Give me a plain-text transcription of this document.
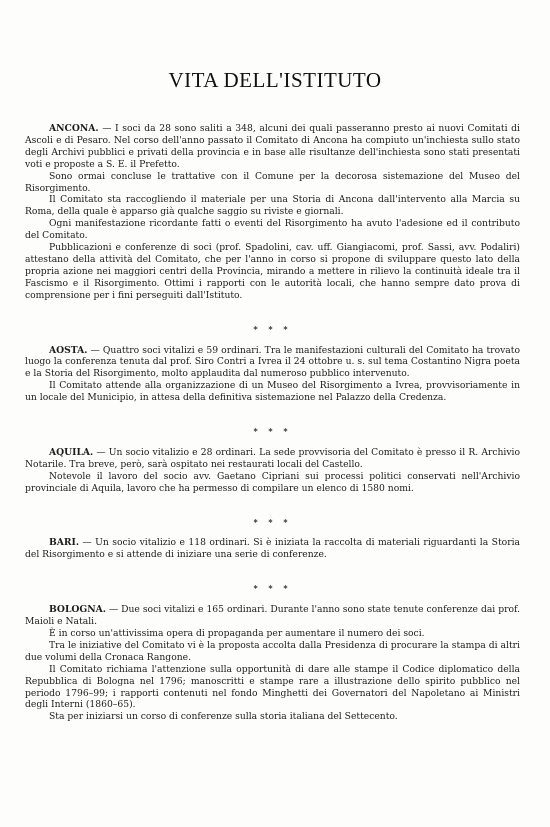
VITA DELL'ISTITUTO

ANCONA. — I soci da 28 sono saliti a 348, alcuni dei quali passeranno presto ai nuovi Comitati di Ascoli e di Pesaro. Nel corso dell'anno passato il Comitato di Ancona ha compiuto un'inchiesta sullo stato degli Archivi pubblici e privati della provincia e in base alle risultanze dell'inchiesta sono stati presentati voti e proposte a S. E. il Prefetto.

Sono ormai concluse le trattative con il Comune per la decorosa sistemazione del Museo del Risorgimento.

Il Comitato sta raccogliendo il materiale per una Storia di Ancona dall'intervento alla Marcia su Roma, della quale è apparso già qualche saggio su riviste e giornali.

Ogni manifestazione ricordante fatti o eventi del Risorgimento ha avuto l'adesione ed il contributo del Comitato.

Pubblicazioni e conferenze di soci (prof. Spadolini, cav. uff. Giangiacomi, prof. Sassi, avv. Podaliri) attestano della attività del Comitato, che per l'anno in corso si propone di sviluppare questo lato della propria azione nei maggiori centri della Provincia, mirando a mettere in rilievo la continuità ideale tra il Fascismo e il Risorgimento. Ottimi i rapporti con le autorità locali, che hanno sempre dato prova di comprensione per i fini perseguiti dall'Istituto.

* * *

AOSTA. — Quattro soci vitalizi e 59 ordinari. Tra le manifestazioni culturali del Comitato ha trovato luogo la conferenza tenuta dal prof. Siro Contri a Ivrea il 24 ottobre u. s. sul tema Costantino Nigra poeta e la Storia del Risorgimento, molto applaudita dal numeroso pubblico intervenuto.

Il Comitato attende alla organizzazione di un Museo del Risorgimento a Ivrea, provvisoriamente in un locale del Municipio, in attesa della definitiva sistemazione nel Palazzo della Credenza.

* * *

AQUILA. — Un socio vitalizio e 28 ordinari. La sede provvisoria del Comitato è presso il R. Archivio Notarile. Tra breve, però, sarà ospitato nei restaurati locali del Castello.

Notevole il lavoro del socio avv. Gaetano Cipriani sui processi politici conservati nell'Archivio provinciale di Aquila, lavoro che ha permesso di compilare un elenco di 1580 nomi.

* * *

BARI. — Un socio vitalizio e 118 ordinari. Si è iniziata la raccolta di materiali riguardanti la Storia del Risorgimento e si attende di iniziare una serie di conferenze.

* * *

BOLOGNA. — Due soci vitalizi e 165 ordinari. Durante l'anno sono state tenute conferenze dai prof. Maioli e Natali.

È in corso un'attivissima opera di propaganda per aumentare il numero dei soci.

Tra le iniziative del Comitato vi è la proposta accolta dalla Presidenza di procurare la stampa di altri due volumi della Cronaca Rangone.

Il Comitato richiama l'attenzione sulla opportunità di dare alle stampe il Codice diplomatico della Repubblica di Bologna nel 1796; manoscritti e stampe rare a illustrazione dello spirito pubblico nel periodo 1796–99; i rapporti contenuti nel fondo Minghetti dei Governatori del Napoletano ai Ministri degli Interni (1860–65).

Sta per iniziarsi un corso di conferenze sulla storia italiana del Settecento.
